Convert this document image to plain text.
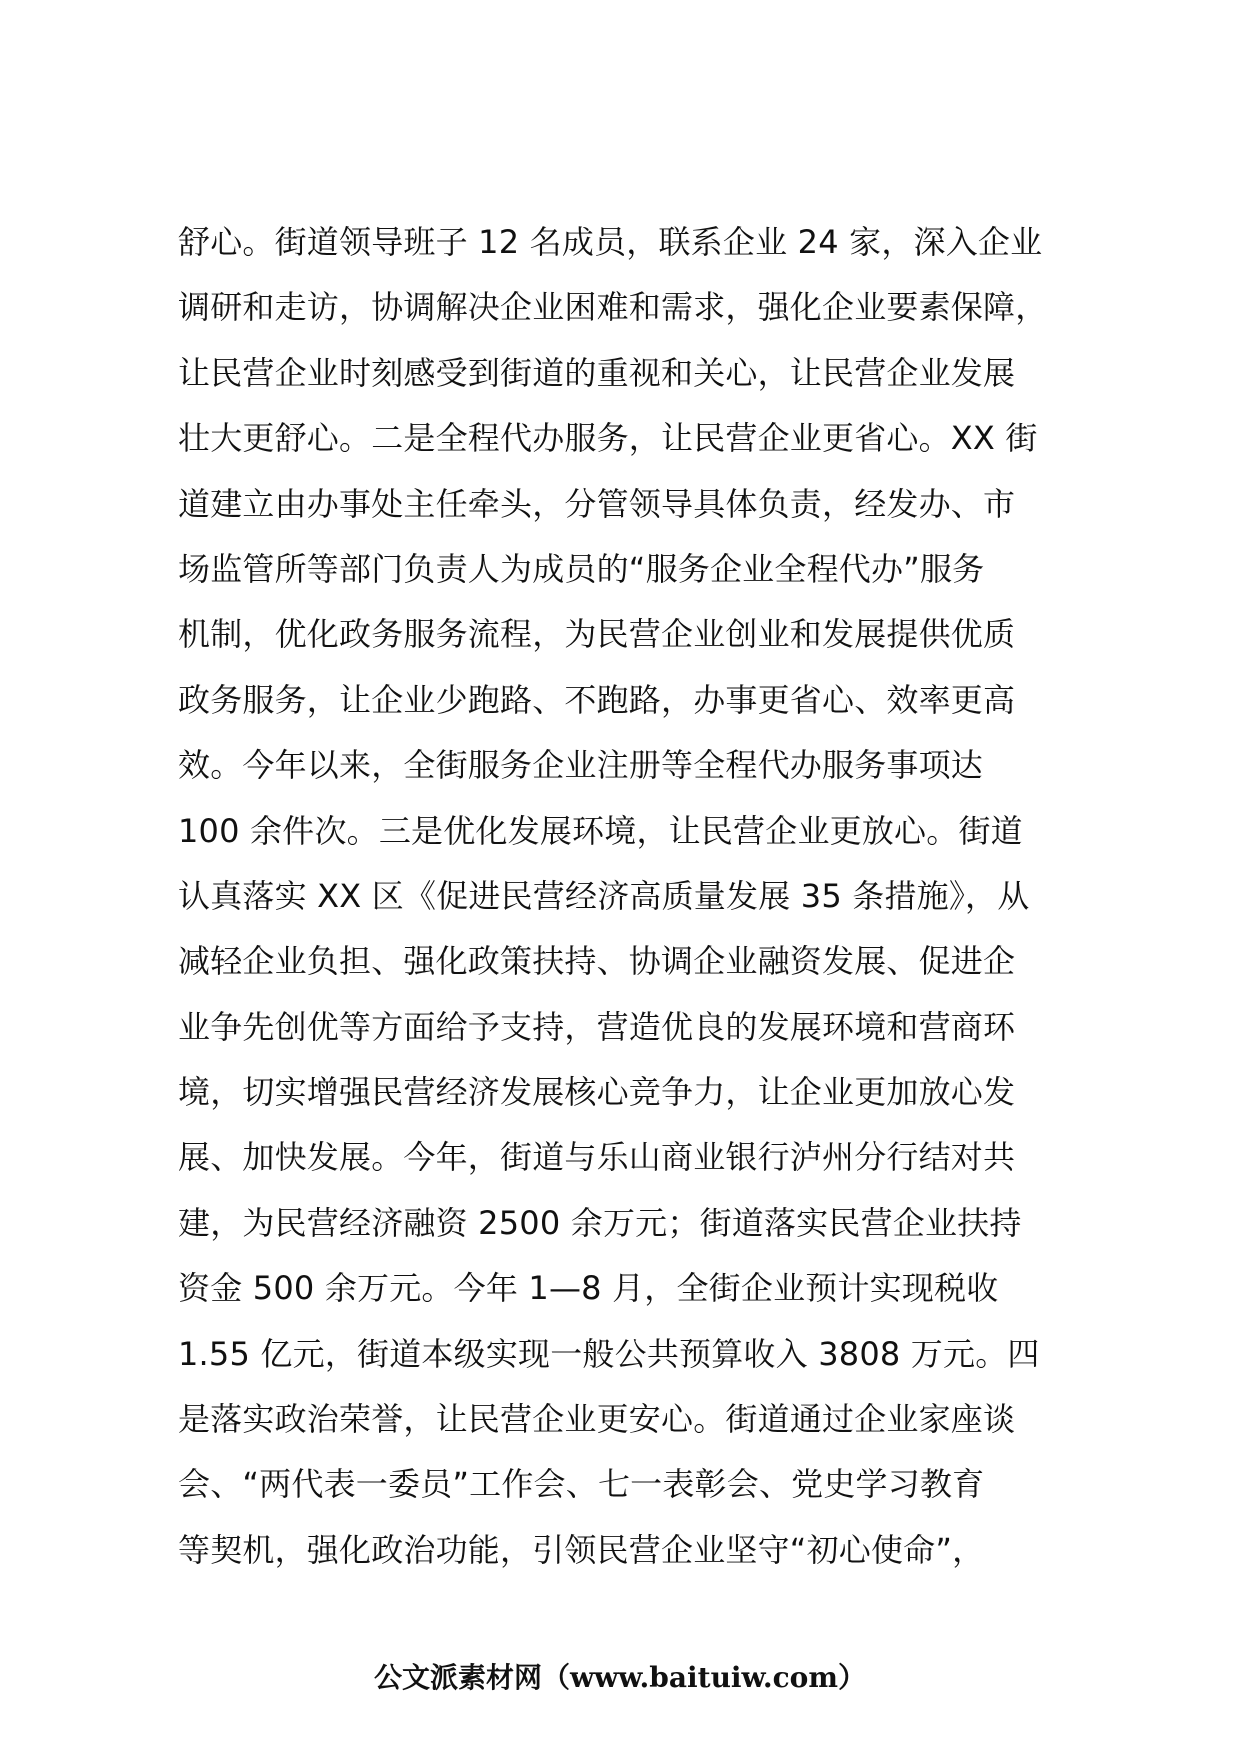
舒心。街道领导班子 12 名成员，联系企业 24 家，深入企业
调研和走访，协调解决企业困难和需求，强化企业要素保障，
让民营企业时刻感受到街道的重视和关心，让民营企业发展
壮大更舒心。二是全程代办服务，让民营企业更省心。XX 街
道建立由办事处主任牵头，分管领导具体负责，经发办、市
场监管所等部门负责人为成员的“服务企业全程代办”服务
机制，优化政务服务流程，为民营企业创业和发展提供优质
政务服务，让企业少跑路、不跑路，办事更省心、效率更高
效。今年以来，全街服务企业注册等全程代办服务事项达
100 余件次。三是优化发展环境，让民营企业更放心。街道
认真落实 XX 区《促进民营经济高质量发展 35 条措施》，从
减轻企业负担、强化政策扶持、协调企业融资发展、促进企
业争先创优等方面给予支持，营造优良的发展环境和营商环
境，切实增强民营经济发展核心竞争力，让企业更加放心发
展、加快发展。今年，街道与乐山商业银行泸州分行结对共
建，为民营经济融资 2500 余万元；街道落实民营企业扶持
资金 500 余万元。今年 1—8 月，全街企业预计实现税收
1.55 亿元，街道本级实现一般公共预算收入 3808 万元。四
是落实政治荣誉，让民营企业更安心。街道通过企业家座谈
会、“两代表一委员”工作会、七一表彰会、党史学习教育
等契机，强化政治功能，引领民营企业坚守“初心使命”，
公文派素材网（www.baituiw.com）
